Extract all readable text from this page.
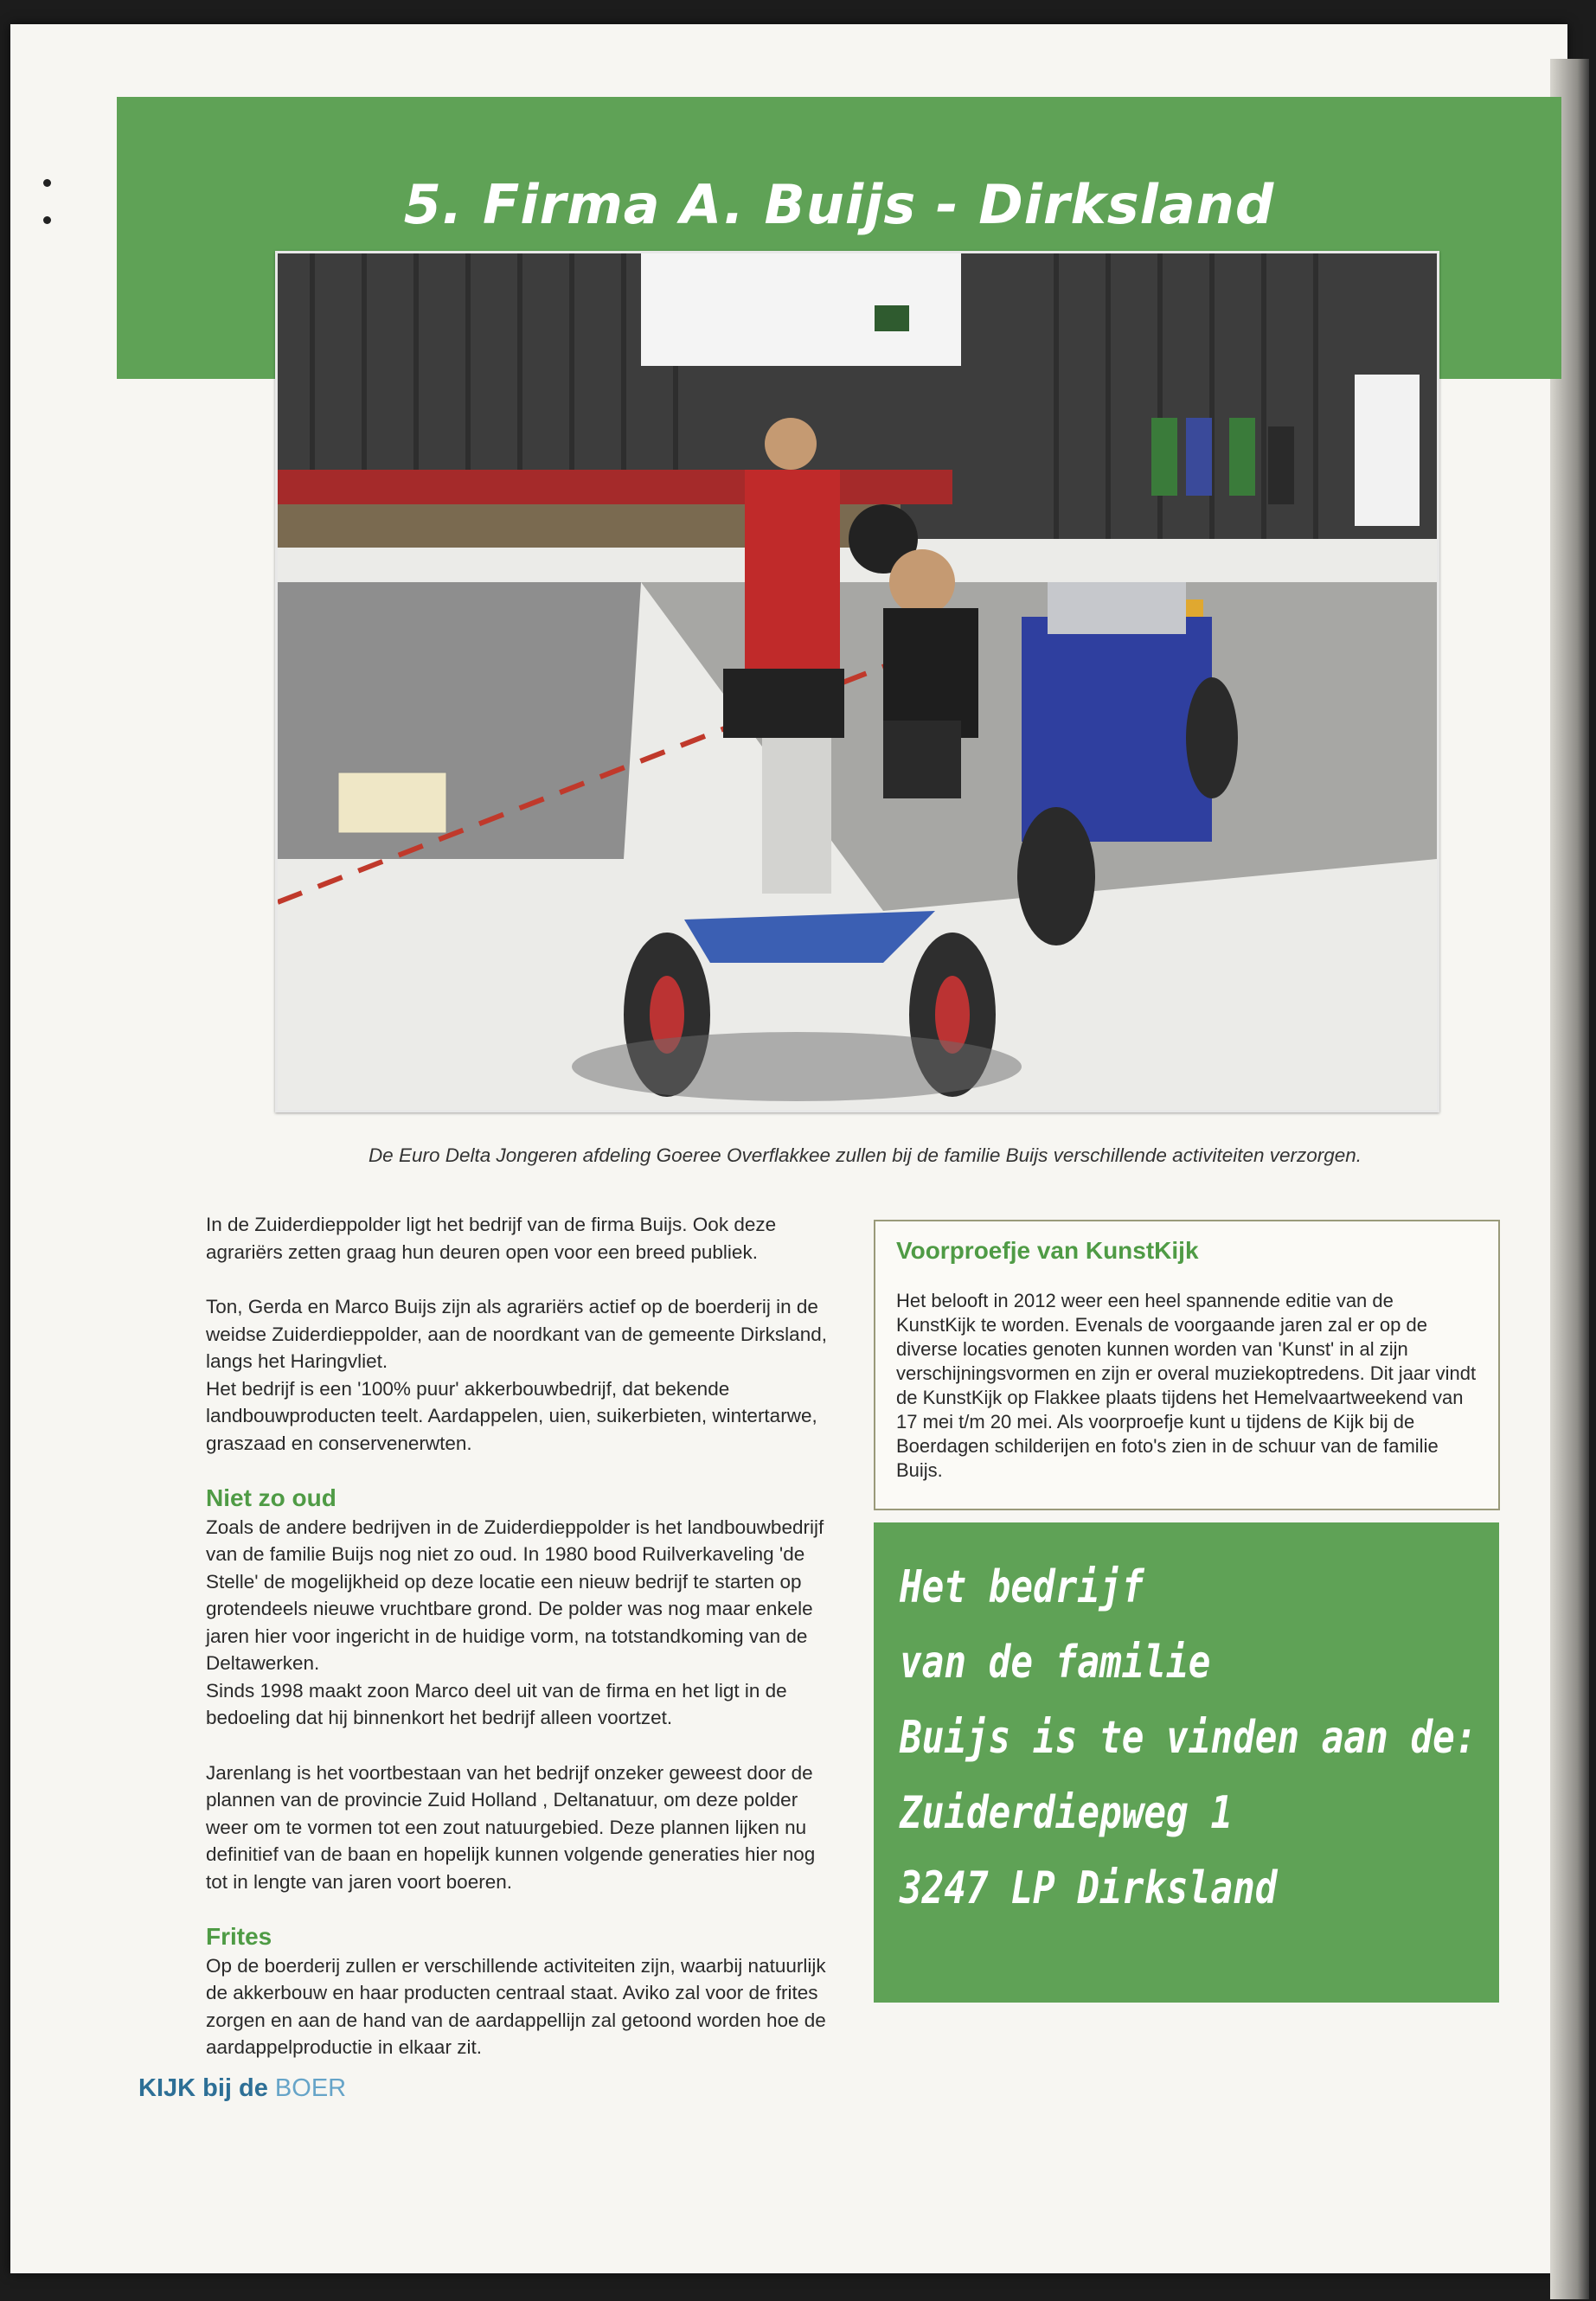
5. Firma A. Buijs - Dirksland

De Euro Delta Jongeren afdeling Goeree Overflakkee zullen bij de familie Buijs verschillende activiteiten verzorgen.

In de Zuiderdieppolder ligt het bedrijf van de firma Buijs. Ook deze agrariërs zetten graag hun deuren open voor een breed publiek.

Ton, Gerda en Marco Buijs zijn als agrariërs actief op de boerderij in de weidse Zuiderdieppolder, aan de noordkant van de gemeente Dirksland, langs het Haringvliet.

Het bedrijf is een '100% puur' akkerbouwbedrijf, dat bekende landbouwproducten teelt. Aardappelen, uien, suikerbieten, wintertarwe, graszaad en conservenerwten.

Niet zo oud

Zoals de andere bedrijven in de Zuiderdieppolder is het landbouwbedrijf van de familie Buijs nog niet zo oud. In 1980 bood Ruilverkaveling 'de Stelle' de mogelijkheid op deze locatie een nieuw bedrijf te starten op grotendeels nieuwe vruchtbare grond. De polder was nog maar enkele jaren hier voor ingericht in de huidige vorm, na totstandkoming van de Deltawerken.

Sinds 1998 maakt zoon Marco deel uit van de firma en het ligt in de bedoeling dat hij binnenkort het bedrijf alleen voortzet.

Jarenlang is het voortbestaan van het bedrijf onzeker geweest door de plannen van de provincie Zuid Holland , Deltanatuur, om deze polder weer om te vormen tot een zout natuurgebied. Deze plannen lijken nu definitief van de baan en hopelijk kunnen volgende generaties hier nog tot in lengte van jaren voort boeren.

Frites

Op de boerderij zullen er verschillende activiteiten zijn, waarbij natuurlijk de akkerbouw en haar producten centraal staat. Aviko zal voor de frites zorgen en aan de hand van de aardappellijn zal getoond worden hoe de aardappelproductie in elkaar zit.

Voorproefje van KunstKijk

Het belooft in 2012 weer een heel spannende editie van de KunstKijk te worden. Evenals de voorgaande jaren zal er op de diverse locaties genoten kunnen worden van 'Kunst' in al zijn verschijningsvormen en zijn er overal muziekoptredens. Dit jaar vindt de KunstKijk op Flakkee plaats tijdens het Hemelvaartweekend van 17 mei t/m 20 mei. Als voorproefje kunt u tijdens de Kijk bij de Boerdagen schilderijen en foto's zien in de schuur van de familie Buijs.

Het bedrijf
van de familie
Buijs is te vinden aan de:
Zuiderdiepweg 1
3247 LP Dirksland
KIJK bij de BOER
